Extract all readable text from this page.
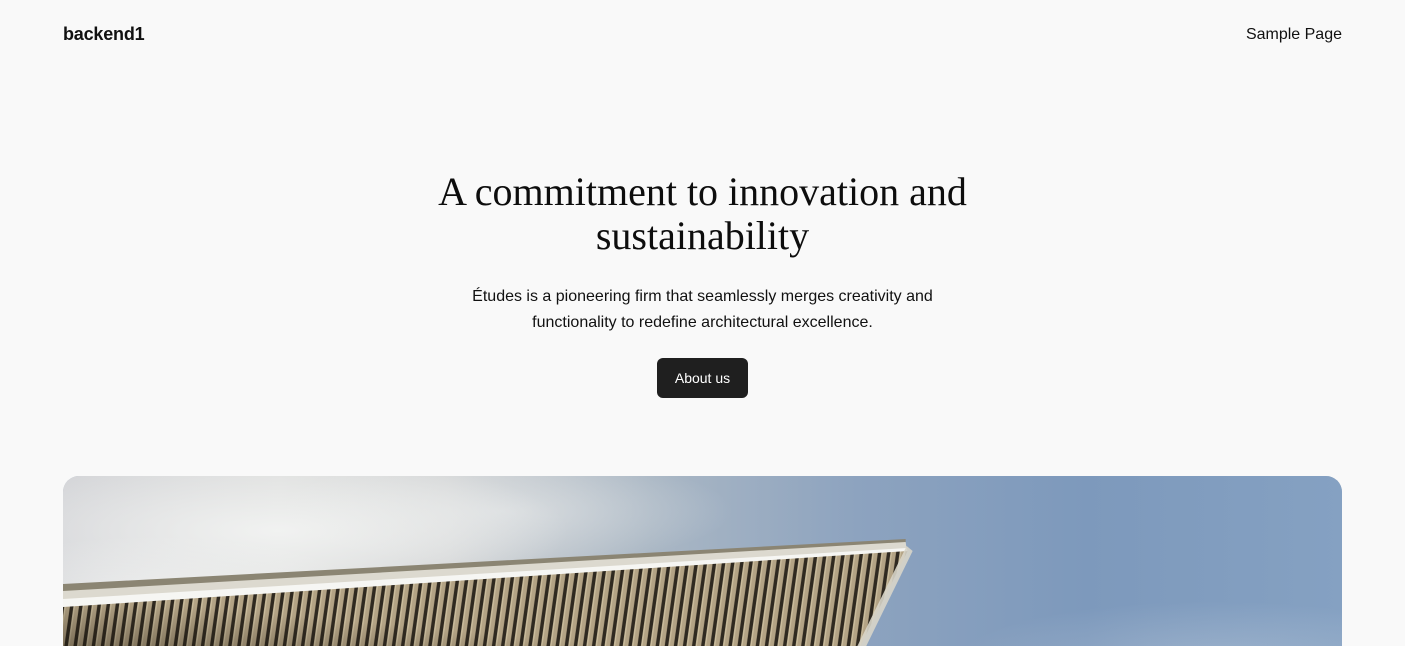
backend1	Sample Page
A commitment to innovation and sustainability

Études is a pioneering firm that seamlessly merges creativity and functionality to redefine architectural excellence.

About us
